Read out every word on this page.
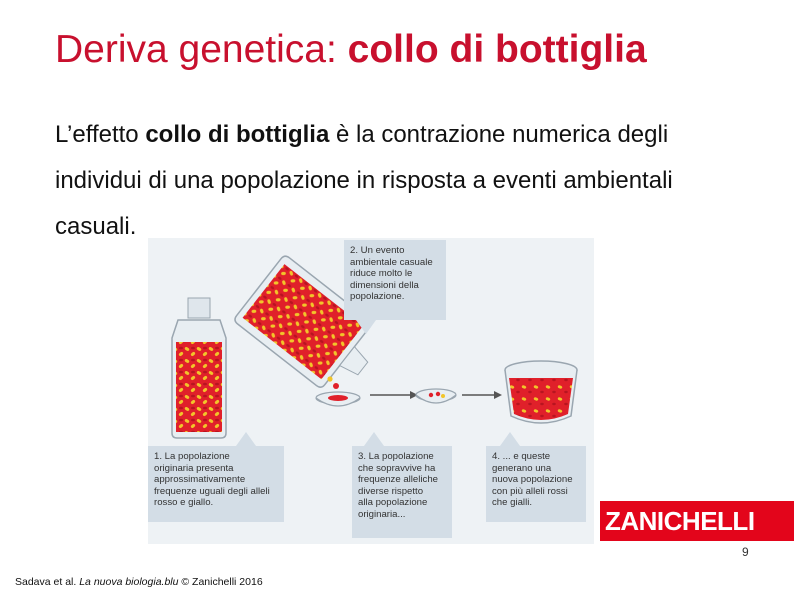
Deriva genetica: collo di bottiglia
L’effetto collo di bottiglia è la contrazione numerica degli individui di una popolazione in risposta a eventi ambientali casuali.
2. Un evento
ambientale casuale
riduce molto le
dimensioni della
popolazione.
1. La popolazione
originaria presenta
approssimativamente
frequenze uguali degli alleli
rosso e giallo.
3. La popolazione
che sopravvive ha
frequenze alleliche
diverse rispetto
alla popolazione
originaria...
4. ... e queste
generano una
nuova popolazione
con più alleli rossi
che gialli.
ZANICHELLI
9
Sadava et al. La nuova biologia.blu © Zanichelli 2016
